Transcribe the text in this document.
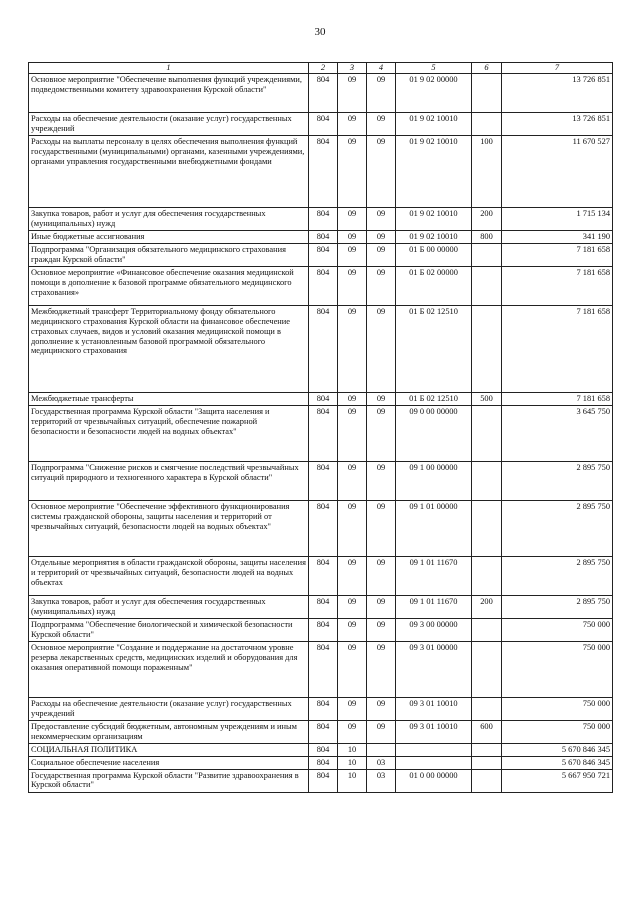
30
1	2	3	4	5	6	7
Основное мероприятие "Обеспечение выполнения функций учреждениями, подведомственными комитету здравоохранения Курской области"	804	09	09	01 9 02 00000		13 726 851
Расходы на обеспечение деятельности (оказание услуг) государственных учреждений	804	09	09	01 9 02 10010		13 726 851
Расходы на выплаты персоналу в целях обеспечения выполнения функций государственными (муниципальными) органами, казенными учреждениями, органами управления государственными внебюджетными фондами	804	09	09	01 9 02 10010	100	11 670 527
Закупка товаров, работ и услуг для обеспечения государственных (муниципальных) нужд	804	09	09	01 9 02 10010	200	1 715 134
Иные бюджетные ассигнования	804	09	09	01 9 02 10010	800	341 190
Подпрограмма "Организация обязательного медицинского страхования граждан Курской области"	804	09	09	01 Б 00 00000		7 181 658
Основное мероприятие «Финансовое обеспечение оказания медицинской помощи в дополнение к базовой программе обязательного медицинского страхования»	804	09	09	01 Б 02 00000		7 181 658
Межбюджетный трансферт Территориальному фонду обязательного медицинского страхования Курской области на финансовое обеспечение страховых случаев, видов и условий оказания медицинской помощи в дополнение к установленным базовой программой обязательного медицинского страхования	804	09	09	01 Б 02 12510		7 181 658
Межбюджетные трансферты	804	09	09	01 Б 02 12510	500	7 181 658
Государственная программа Курской области "Защита населения и территорий от чрезвычайных ситуаций, обеспечение пожарной безопасности и безопасности людей на водных объектах"	804	09	09	09 0 00 00000		3 645 750
Подпрограмма "Снижение рисков и смягчение последствий чрезвычайных ситуаций природного и техногенного характера в Курской области"	804	09	09	09 1 00 00000		2 895 750
Основное мероприятие "Обеспечение эффективного функционирования системы гражданской обороны, защиты населения и территорий от чрезвычайных ситуаций, безопасности людей на водных объектах"	804	09	09	09 1 01 00000		2 895 750
Отдельные мероприятия в области гражданской обороны, защиты населения и территорий от чрезвычайных ситуаций, безопасности людей на водных объектах	804	09	09	09 1 01 11670		2 895 750
Закупка товаров, работ и услуг для обеспечения государственных (муниципальных) нужд	804	09	09	09 1 01 11670	200	2 895 750
Подпрограмма "Обеспечение биологической и химической безопасности Курской области"	804	09	09	09 3 00 00000		750 000
Основное мероприятие "Создание и поддержание на достаточном уровне резерва лекарственных средств, медицинских изделий и оборудования для оказания оперативной помощи пораженным"	804	09	09	09 3 01 00000		750 000
Расходы на обеспечение деятельности (оказание услуг) государственных учреждений	804	09	09	09 3 01 10010		750 000
Предоставление субсидий бюджетным, автономным учреждениям и иным некоммерческим организациям	804	09	09	09 3 01 10010	600	750 000
СОЦИАЛЬНАЯ ПОЛИТИКА	804	10				5 670 846 345
Социальное обеспечение населения	804	10	03			5 670 846 345
Государственная программа Курской области "Развитие здравоохранения в Курской области"	804	10	03	01 0 00 00000		5 667 950 721
